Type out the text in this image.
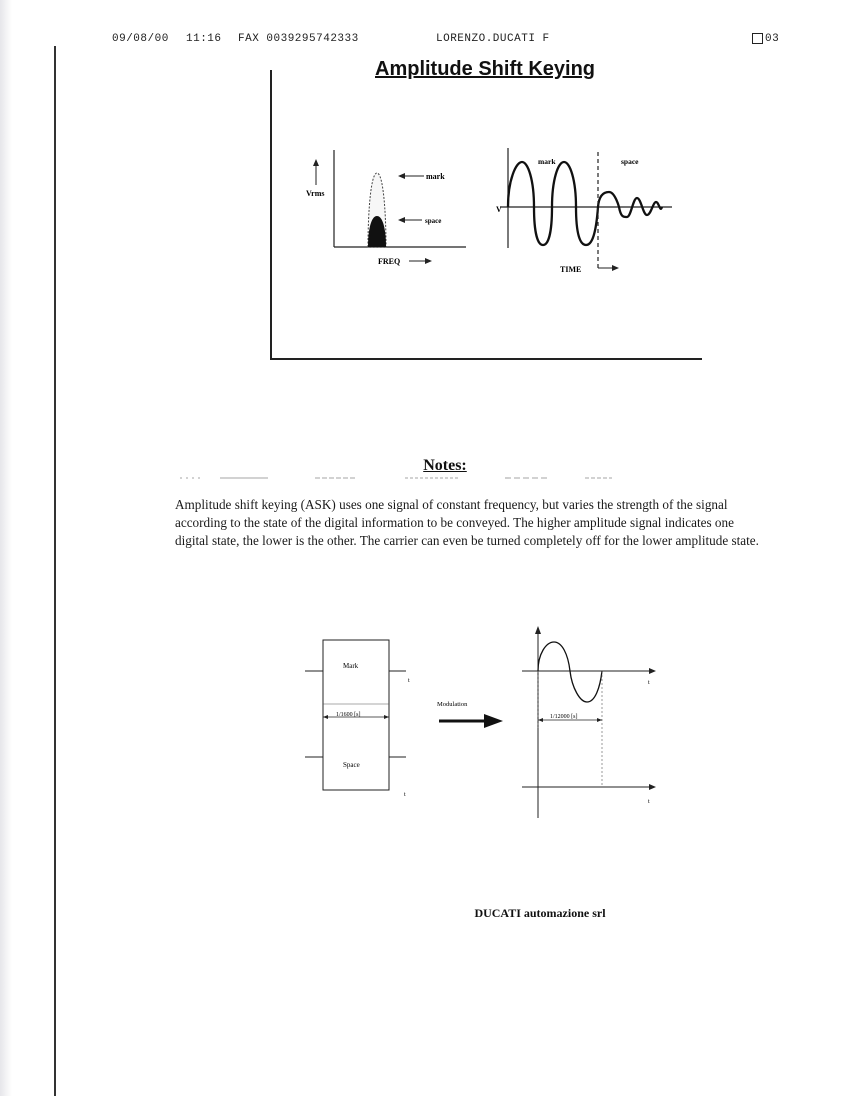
09/08/00 11:16 FAX 0039295742333	LORENZO.DUCATI F	03
Amplitude Shift Keying
Vrms
mark
space
FREQ
V
mark	space
TIME
Notes:
Amplitude shift keying (ASK) uses one signal of constant frequency, but varies the strength of the signal according to the state of the digital information to be conveyed. The higher amplitude signal indicates one digital state, the lower is the other. The carrier can even be turned completely off for the lower amplitude state.
Mark
Space
1/1600 [s]
t
t
Modulation
1/12000 [s]
t
t
DUCATI automazione srl
